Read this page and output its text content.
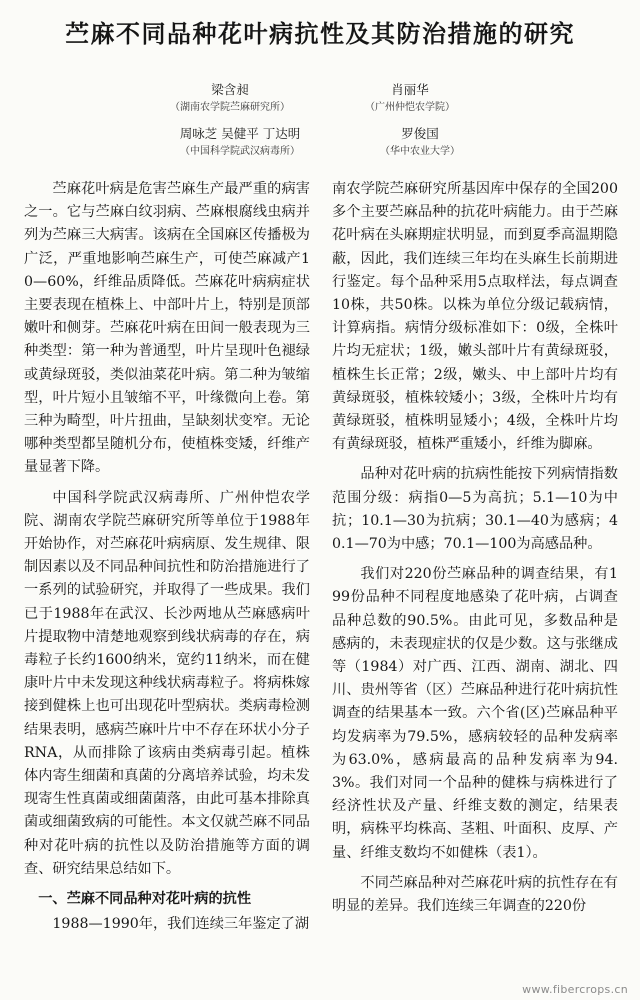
苎麻不同品种花叶病抗性及其防治措施的研究
梁含昶
（湖南农学院苎麻研究所）
肖丽华
（广州仲恺农学院）
周咏芝 吴健平 丁达明
（中国科学院武汉病毒所）
罗俊国
（华中农业大学）

苎麻花叶病是危害苎麻生产最严重的病害之一。它与苎麻白纹羽病、苎麻根腐线虫病并列为苎麻三大病害。该病在全国麻区传播极为广泛，严重地影响苎麻生产，可使苎麻减产10—60%，纤维品质降低。苎麻花叶病病症状主要表现在植株上、中部叶片上，特别是顶部嫩叶和侧芽。苎麻花叶病在田间一般表现为三种类型：第一种为普通型，叶片呈现叶色褪绿或黄绿斑驳，类似油菜花叶病。第二种为皱缩型，叶片短小且皱缩不平，叶缘微向上卷。第三种为畸型，叶片扭曲，呈缺刻状变窄。无论哪种类型都呈随机分布，使植株变矮，纤维产量显著下降。

中国科学院武汉病毒所、广州仲恺农学院、湖南农学院苎麻研究所等单位于1988年开始协作，对苎麻花叶病病原、发生规律、限制因素以及不同品种间抗性和防治措施进行了一系列的试验研究，并取得了一些成果。我们已于1988年在武汉、长沙两地从苎麻感病叶片提取物中清楚地观察到线状病毒的存在，病毒粒子长约1600纳米，宽约11纳米，而在健康叶片中未发现这种线状病毒粒子。将病株嫁接到健株上也可出现花叶型病状。类病毒检测结果表明，感病苎麻叶片中不存在环状小分子RNA，从而排除了该病由类病毒引起。植株体内寄生细菌和真菌的分离培养试验，均未发现寄生性真菌或细菌菌落，由此可基本排除真菌或细菌致病的可能性。本文仅就苎麻不同品种对花叶病的抗性以及防治措施等方面的调查、研究结果总结如下。

一、苎麻不同品种对花叶病的抗性

1988—1990年，我们连续三年鉴定了湖

南农学院苎麻研究所基因库中保存的全国200多个主要苎麻品种的抗花叶病能力。由于苎麻花叶病在头麻期症状明显，而到夏季高温期隐蔽，因此，我们连续三年均在头麻生长前期进行鉴定。每个品种采用5点取样法，每点调查10株，共50株。以株为单位分级记载病情，计算病指。病情分级标准如下：0级，全株叶片均无症状；1级，嫩头部叶片有黄绿斑驳，植株生长正常；2级，嫩头、中上部叶片均有黄绿斑驳，植株较矮小；3级，全株叶片均有黄绿斑驳，植株明显矮小；4级，全株叶片均有黄绿斑驳，植株严重矮小，纤维为脚麻。

品种对花叶病的抗病性能按下列病情指数范围分级：病指0—5为高抗；5.1—10为中抗；10.1—30为抗病；30.1—40为感病；40.1—70为中感；70.1—100为高感品种。

我们对220份苎麻品种的调查结果，有199份品种不同程度地感染了花叶病，占调查品种总数的90.5%。由此可见，多数品种是感病的，未表现症状的仅是少数。这与张继成等（1984）对广西、江西、湖南、湖北、四川、贵州等省（区）苎麻品种进行花叶病抗性调查的结果基本一致。六个省(区)苎麻品种平均发病率为79.5%，感病较轻的品种发病率为63.0%，感病最高的品种发病率为94.3%。我们对同一个品种的健株与病株进行了经济性状及产量、纤维支数的测定，结果表明，病株平均株高、茎粗、叶面积、皮厚、产量、纤维支数均不如健株（表1）。

不同苎麻品种对苎麻花叶病的抗性存在有明显的差异。我们连续三年调查的220份

www.fibercrops.cn
